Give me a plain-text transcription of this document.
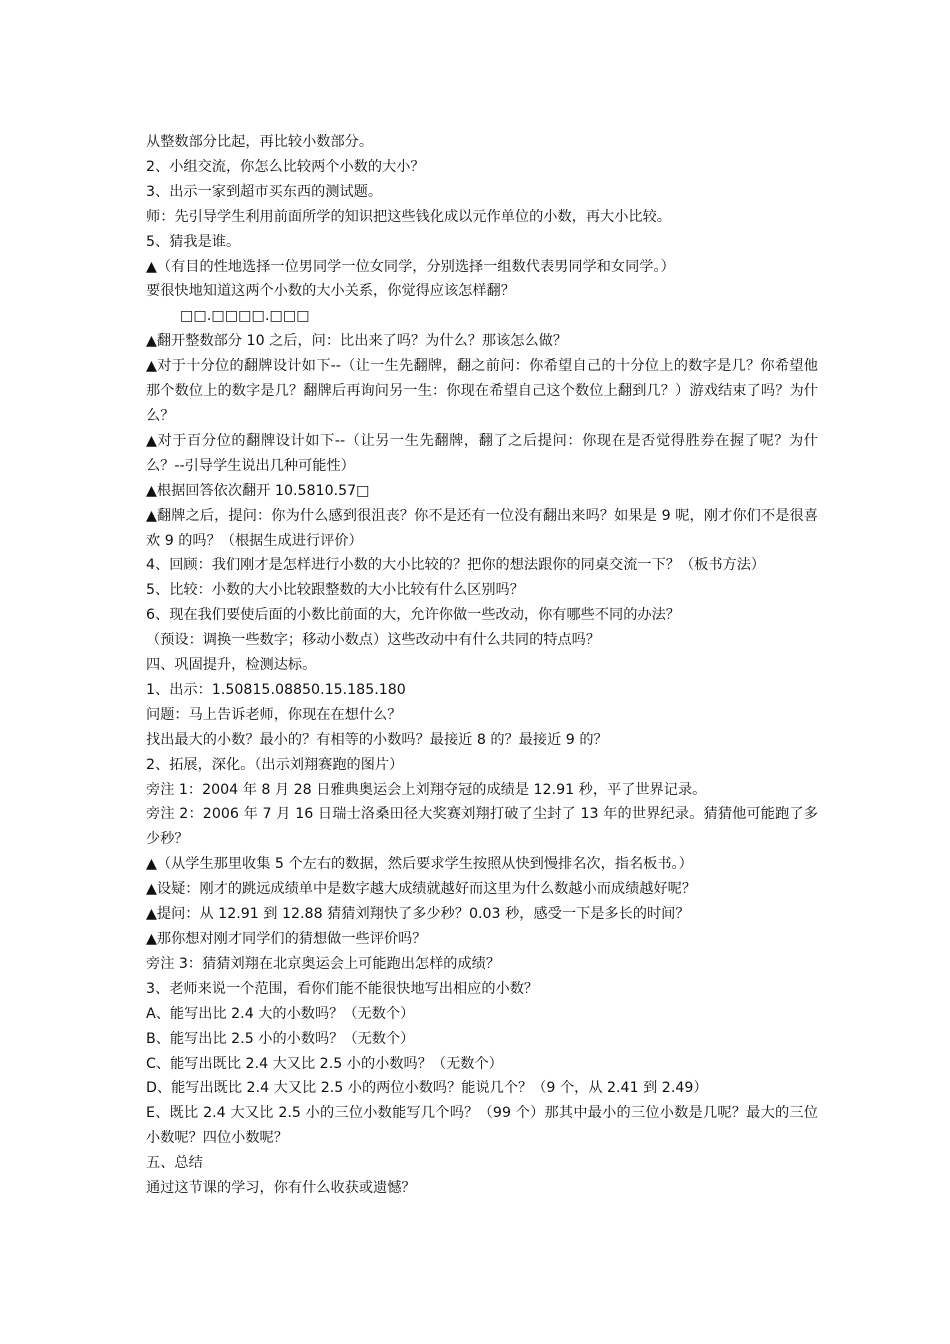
从整数部分比起，再比较小数部分。
2、小组交流，你怎么比较两个小数的大小？
3、出示一家到超市买东西的测试题。
师：先引导学生利用前面所学的知识把这些钱化成以元作单位的小数，再大小比较。
5、猜我是谁。
▲（有目的性地选择一位男同学一位女同学，分别选择一组数代表男同学和女同学。）
要很快地知道这两个小数的大小关系，你觉得应该怎样翻？
□□.□□□□.□□□
▲翻开整数部分 10 之后，问：比出来了吗？为什么？那该怎么做？
▲对于十分位的翻牌设计如下--（让一生先翻牌，翻之前问：你希望自己的十分位上的数字是几？你希望他那个数位上的数字是几？翻牌后再询问另一生：你现在希望自己这个数位上翻到几？）游戏结束了吗？为什么？
▲对于百分位的翻牌设计如下--（让另一生先翻牌，翻了之后提问：你现在是否觉得胜券在握了呢？为什么？--引导学生说出几种可能性）
▲根据回答依次翻开 10.5810.57□
▲翻牌之后，提问：你为什么感到很沮丧？你不是还有一位没有翻出来吗？如果是 9 呢，刚才你们不是很喜欢 9 的吗？（根据生成进行评价）
4、回顾：我们刚才是怎样进行小数的大小比较的？把你的想法跟你的同桌交流一下？（板书方法）
5、比较：小数的大小比较跟整数的大小比较有什么区别吗？
6、现在我们要使后面的小数比前面的大，允许你做一些改动，你有哪些不同的办法？
（预设：调换一些数字；移动小数点）这些改动中有什么共同的特点吗？
四、巩固提升，检测达标。
1、出示：1.50815.08850.15.185.180
问题：马上告诉老师，你现在在想什么？
找出最大的小数？最小的？有相等的小数吗？最接近 8 的？最接近 9 的？
2、拓展，深化。（出示刘翔赛跑的图片）
旁注 1：2004 年 8 月 28 日雅典奥运会上刘翔夺冠的成绩是 12.91 秒，平了世界记录。
旁注 2：2006 年 7 月 16 日瑞士洛桑田径大奖赛刘翔打破了尘封了 13 年的世界纪录。猜猜他可能跑了多少秒？
▲（从学生那里收集 5 个左右的数据，然后要求学生按照从快到慢排名次，指名板书。）
▲设疑：刚才的跳远成绩单中是数字越大成绩就越好而这里为什么数越小而成绩越好呢？
▲提问：从 12.91 到 12.88 猜猜刘翔快了多少秒？0.03 秒，感受一下是多长的时间？
▲那你想对刚才同学们的猜想做一些评价吗？
旁注 3：猜猜刘翔在北京奥运会上可能跑出怎样的成绩？
3、老师来说一个范围，看你们能不能很快地写出相应的小数？
A、能写出比 2.4 大的小数吗？（无数个）
B、能写出比 2.5 小的小数吗？（无数个）
C、能写出既比 2.4 大又比 2.5 小的小数吗？（无数个）
D、能写出既比 2.4 大又比 2.5 小的两位小数吗？能说几个？（9 个，从 2.41 到 2.49）
E、既比 2.4 大又比 2.5 小的三位小数能写几个吗？（99 个）那其中最小的三位小数是几呢？最大的三位小数呢？四位小数呢？
五、总结
通过这节课的学习，你有什么收获或遗憾？
